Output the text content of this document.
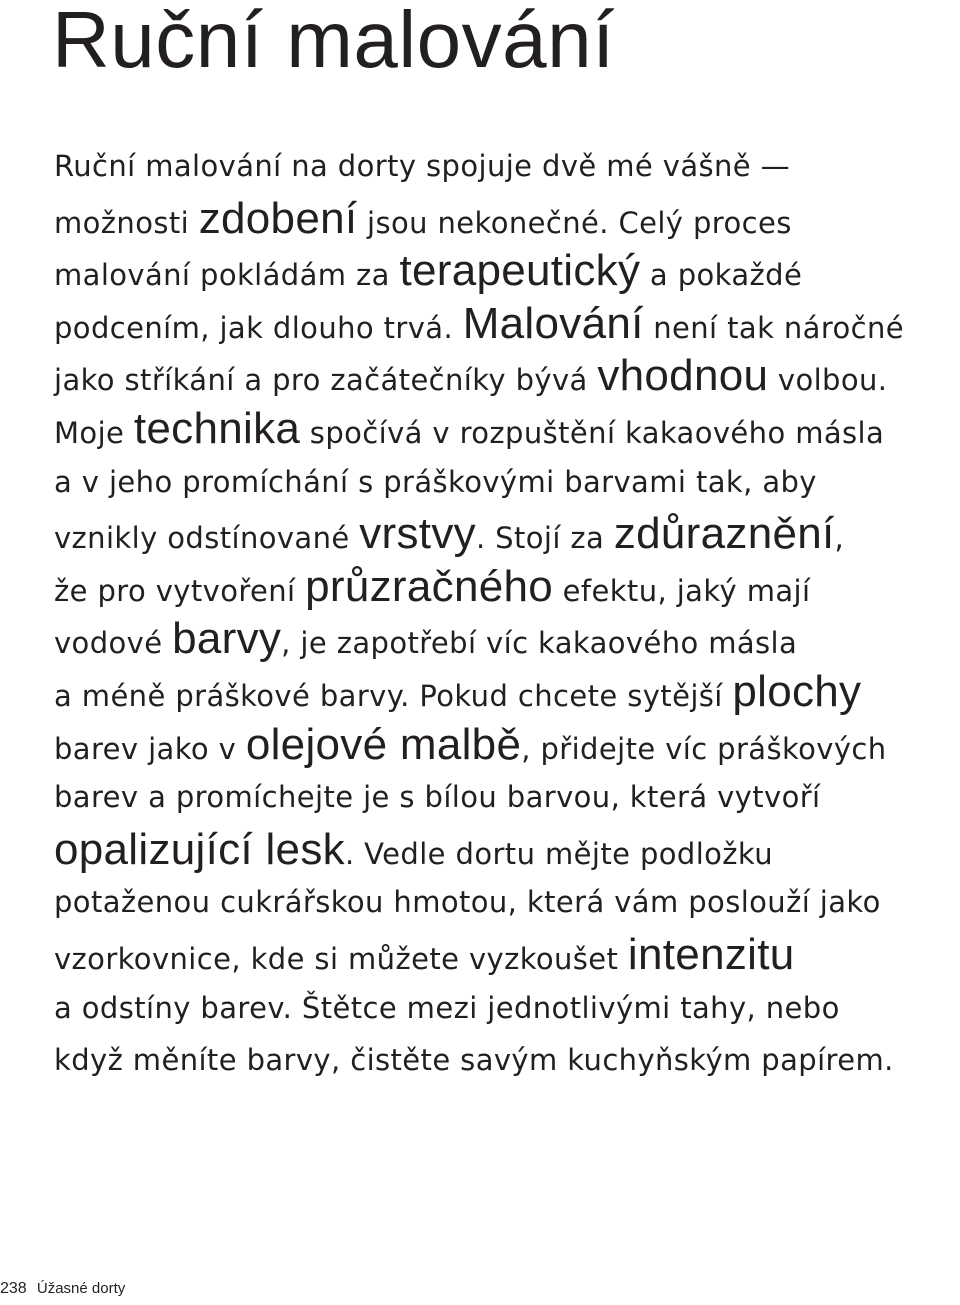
Ruční malování
Ruční malování na dorty spojuje dvě mé vášně —
možnosti zdobení jsou nekonečné. Celý proces
malování pokládám za terapeutický a pokaždé
podcením, jak dlouho trvá. Malování není tak náročné
jako stříkání a pro začátečníky bývá vhodnou volbou.
Moje technika spočívá v rozpuštění kakaového másla
a v jeho promíchání s práškovými barvami tak, aby
vznikly odstínované vrstvy. Stojí za zdůraznění,
že pro vytvoření průzračného efektu, jaký mají
vodové barvy, je zapotřebí víc kakaového másla
a méně práškové barvy. Pokud chcete sytější plochy
barev jako v olejové malbě, přidejte víc práškových
barev a promíchejte je s bílou barvou, která vytvoří
opalizující lesk. Vedle dortu mějte podložku
potaženou cukrářskou hmotou, která vám poslouží jako
vzorkovnice, kde si můžete vyzkoušet intenzitu
a odstíny barev. Štětce mezi jednotlivými tahy, nebo
když měníte barvy, čistěte savým kuchyňským papírem.
238 Úžasné dorty
